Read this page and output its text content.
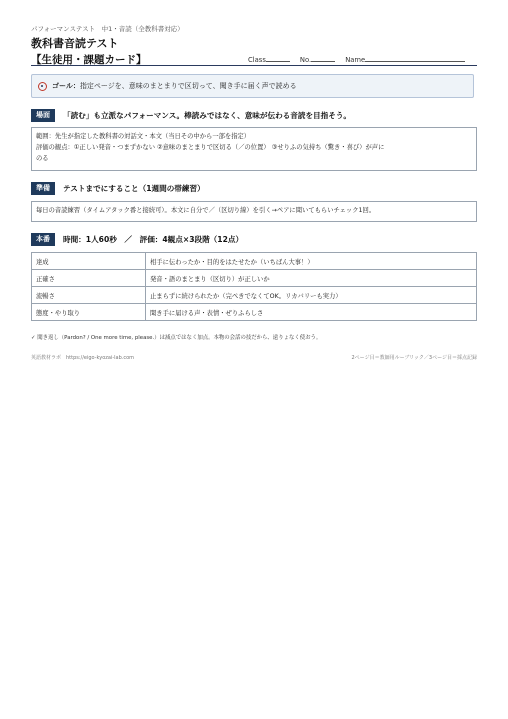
パフォーマンステスト　中1・音読（全教科書対応）
教科書音読テスト
【生徒用・課題カード】	Class	No.	Name
ゴール： 指定ページを、意味のまとまりで区切って、聞き手に届く声で読める
場面	「読む」も立派なパフォーマンス。棒読みではなく、意味が伝わる音読を目指そう。
範囲：先生が指定した教科書の対話文・本文（当日その中から一部を指定）
評価の観点：①正しい発音・つまずかない ②意味のまとまりで区切る（／の位置） ③せりふの気持ち（驚き・喜び）が声に
のる
準備	テストまでにすること（1週間の帯練習）
毎日の音読練習（タイムアタック番と接続可）。本文に自分で／（区切り線）を引く→ペアに聞いてもらいチェック1回。
本番	時間：1人60秒　／　評価：4観点×3段階（12点）
達成	相手に伝わったか・目的をはたせたか（いちばん大事！）
正確さ	発音・語のまとまり（区切り）が正しいか
流暢さ	止まらずに続けられたか（完ぺきでなくてOK。リカバリーも実力）
態度・やり取り	聞き手に届ける声・表情・ぜりふらしさ
✓ 聞き返し（Pardon? / One more time, please.）は減点ではなく加点。本物の会話の技だから、遠りょなく使おう。
英語教材ラボ　https://eigo-kyozai-lab.com	2ページ目＝教師用ルーブリック／3ページ目＝採点記録
